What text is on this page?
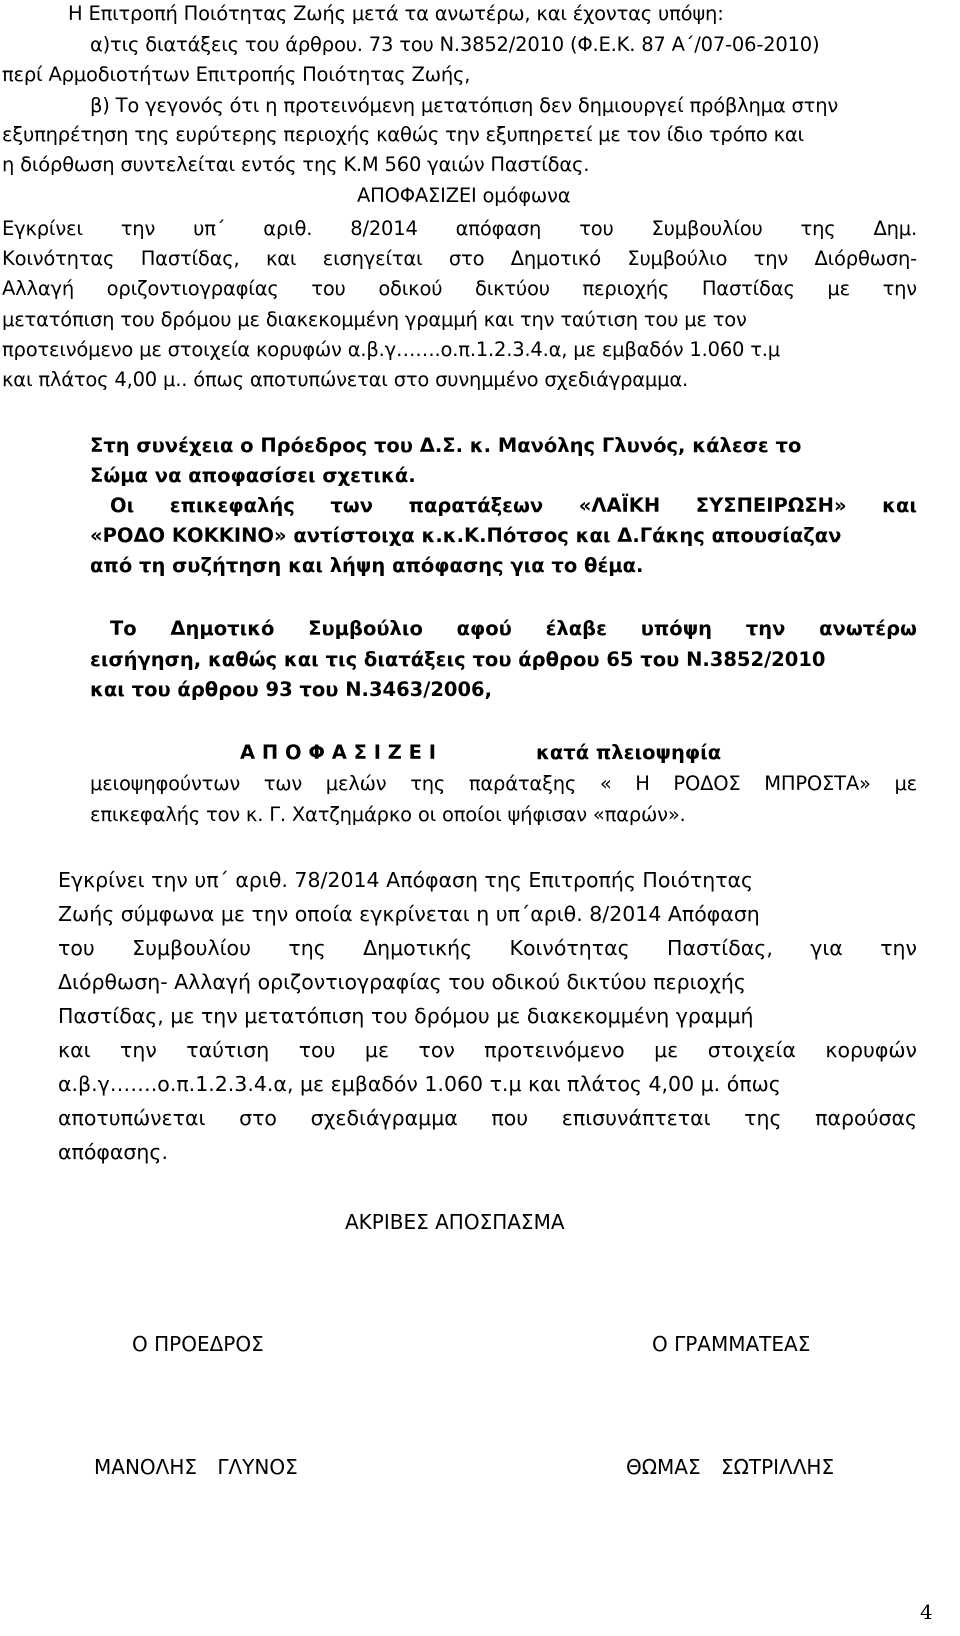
Η Επιτροπή Ποιότητας Ζωής μετά τα ανωτέρω, και έχοντας υπόψη:
α)τις διατάξεις του άρθρου. 73 του Ν.3852/2010 (Φ.Ε.Κ. 87 Α΄/07-06-2010)
περί Αρμοδιοτήτων Επιτροπής Ποιότητας Ζωής,
β) Το γεγονός ότι η προτεινόμενη μετατόπιση δεν δημιουργεί πρόβλημα στην
εξυπηρέτηση της ευρύτερης περιοχής καθώς την εξυπηρετεί με τον ίδιο τρόπο και
η διόρθωση συντελείται εντός της Κ.Μ 560 γαιών Παστίδας.
ΑΠΟΦΑΣΙΖΕΙ ομόφωνα
Εγκρίνει την υπ΄ αριθ. 8/2014 απόφαση του Συμβουλίου της Δημ.
Κοινότητας Παστίδας, και εισηγείται στο Δημοτικό Συμβούλιο την Διόρθωση-
Αλλαγή οριζοντιογραφίας του οδικού δικτύου περιοχής Παστίδας με την
μετατόπιση του δρόμου με διακεκομμένη γραμμή και την ταύτιση του με τον
προτεινόμενο με στοιχεία κορυφών α.β.γ…….ο.π.1.2.3.4.α, με εμβαδόν 1.060 τ.μ
και πλάτος 4,00 μ.. όπως αποτυπώνεται στο συνημμένο σχεδιάγραμμα.
Στη συνέχεια ο Πρόεδρος του Δ.Σ. κ. Μανόλης Γλυνός, κάλεσε το
Σώμα να αποφασίσει σχετικά.
Οι επικεφαλής των παρατάξεων «ΛΑΪΚΗ ΣΥΣΠΕΙΡΩΣΗ» και
«ΡΟΔΟ ΚΟΚΚΙΝΟ» αντίστοιχα κ.κ.Κ.Πότσος και Δ.Γάκης απουσίαζαν
από τη συζήτηση και λήψη απόφασης για το θέμα.
Το Δημοτικό Συμβούλιο αφού έλαβε υπόψη την ανωτέρω
εισήγηση, καθώς και τις διατάξεις του άρθρου 65 του Ν.3852/2010
και του άρθρου 93 του Ν.3463/2006,
Α Π Ο Φ Α Σ Ι Ζ Ε Ι	κατά πλειοψηφία
μειοψηφούντων των μελών της παράταξης « Η ΡΟΔΟΣ ΜΠΡΟΣΤΑ» με
επικεφαλής τον κ. Γ. Χατζημάρκο οι οποίοι ψήφισαν «παρών».
Εγκρίνει την υπ΄ αριθ. 78/2014 Απόφαση της Επιτροπής Ποιότητας
Ζωής σύμφωνα με την οποία εγκρίνεται η υπ΄αριθ. 8/2014 Απόφαση
του Συμβουλίου της Δημοτικής Κοινότητας Παστίδας, για την
Διόρθωση- Αλλαγή οριζοντιογραφίας του οδικού δικτύου περιοχής
Παστίδας, με την μετατόπιση του δρόμου με διακεκομμένη γραμμή
και την ταύτιση του με τον προτεινόμενο με στοιχεία κορυφών
α.β.γ…….ο.π.1.2.3.4.α, με εμβαδόν 1.060 τ.μ και πλάτος 4,00 μ. όπως
αποτυπώνεται στο σχεδιάγραμμα που επισυνάπτεται της παρούσας
απόφασης.
ΑΚΡΙΒΕΣ ΑΠΟΣΠΑΣΜΑ
Ο ΠΡΟΕΔΡΟΣ	Ο ΓΡΑΜΜΑΤΕΑΣ
ΜΑΝΟΛΗΣ ΓΛΥΝΟΣ	ΘΩΜΑΣ ΣΩΤΡΙΛΛΗΣ
4
